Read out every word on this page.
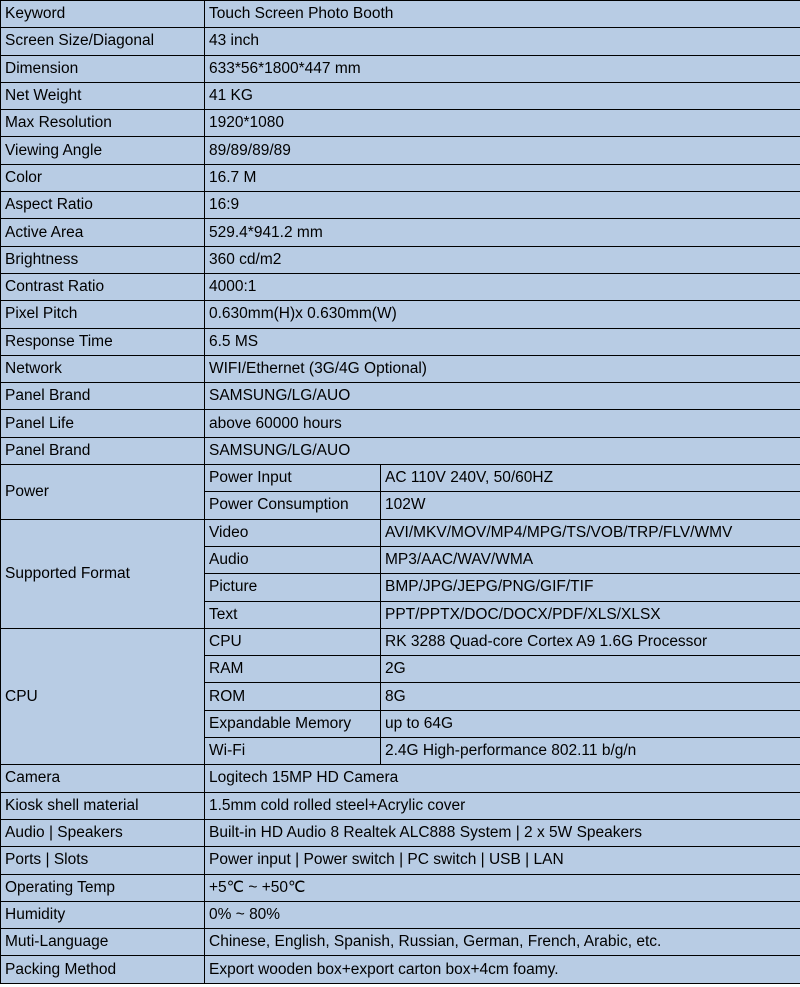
Keyword	Touch Screen Photo Booth	
Screen Size/Diagonal	43 inch	
Dimension	633*56*1800*447 mm	
Net Weight	41 KG	
Max Resolution	1920*1080	
Viewing Angle	89/89/89/89	
Color	16.7 M	
Aspect Ratio	16:9	
Active Area	529.4*941.2 mm	
Brightness	360 cd/m2	
Contrast Ratio	4000:1	
Pixel Pitch	0.630mm(H)x 0.630mm(W)	
Response Time	6.5 MS	
Network	WIFI/Ethernet (3G/4G Optional)	
Panel Brand	SAMSUNG/LG/AUO	
Panel Life	above 60000 hours	
Panel Brand	SAMSUNG/LG/AUO	
Power	Power Input	AC 110V 240V, 50/60HZ
	Power Consumption	102W
Supported Format	Video	AVI/MKV/MOV/MP4/MPG/TS/VOB/TRP/FLV/WMV
	Audio	MP3/AAC/WAV/WMA
	Picture	BMP/JPG/JEPG/PNG/GIF/TIF
	Text	PPT/PPTX/DOC/DOCX/PDF/XLS/XLSX
CPU	CPU	RK 3288 Quad-core Cortex A9 1.6G Processor
	RAM	2G
	ROM	8G
	Expandable Memory	up to 64G
	Wi-Fi	2.4G High-performance 802.11 b/g/n
Camera	Logitech 15MP HD Camera	
Kiosk shell material	1.5mm cold rolled steel+Acrylic cover	
Audio | Speakers	Built-in HD Audio 8 Realtek ALC888 System | 2 x 5W Speakers	
Ports | Slots	Power input | Power switch | PC switch | USB | LAN	
Operating Temp	+5℃ ~ +50℃	
Humidity	0% ~ 80%	
Muti-Language	Chinese, English, Spanish, Russian, German, French, Arabic, etc.	
Packing Method	Export wooden box+export carton box+4cm foamy.	
